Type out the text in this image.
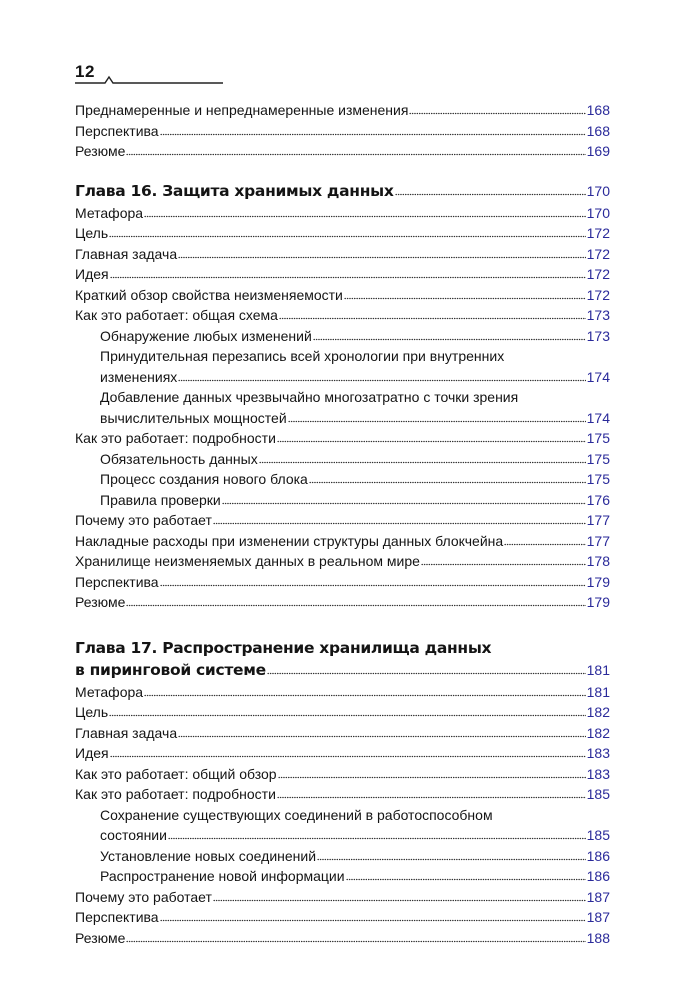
12
Преднамеренные и непреднамеренные изменения	168
Перспектива	168
Резюме	169
Глава 16. Защита хранимых данных	170
Метафора	170
Цель	172
Главная задача	172
Идея	172
Краткий обзор свойства неизменяемости	172
Как это работает: общая схема	173
Обнаружение любых изменений	173
Принудительная перезапись всей хронологии при внутренних
изменениях	174
Добавление данных чрезвычайно многозатратно с точки зрения
вычислительных мощностей	174
Как это работает: подробности	175
Обязательность данных	175
Процесс создания нового блока	175
Правила проверки	176
Почему это работает	177
Накладные расходы при изменении структуры данных блокчейна	177
Хранилище неизменяемых данных в реальном мире	178
Перспектива	179
Резюме	179
Глава 17. Распространение хранилища данных
в пиринговой системе	181
Метафора	181
Цель	182
Главная задача	182
Идея	183
Как это работает: общий обзор	183
Как это работает: подробности	185
Сохранение существующих соединений в работоспособном
состоянии	185
Установление новых соединений	186
Распространение новой информации	186
Почему это работает	187
Перспектива	187
Резюме	188
